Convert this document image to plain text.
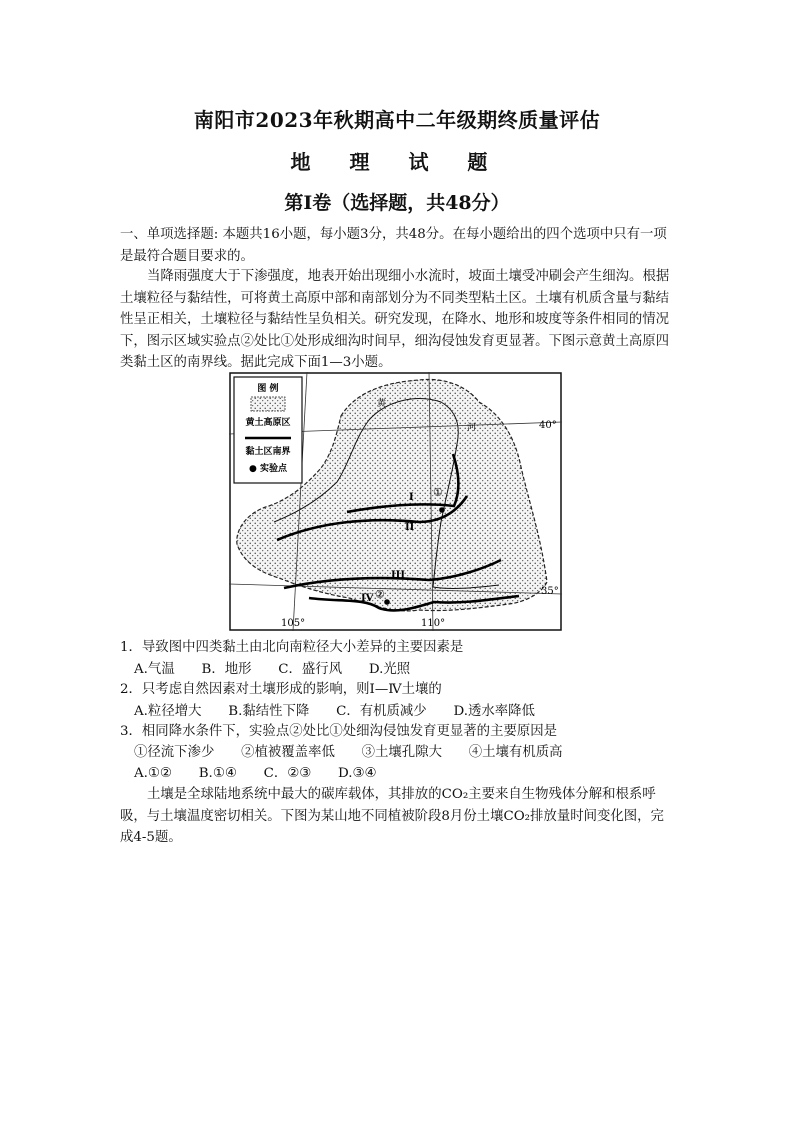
南阳市2023年秋期高中二年级期终质量评估
地 理 试 题
第I卷（选择题，共48分）
一、单项选择题: 本题共16小题，每小题3分，共48分。在每小题给出的四个选项中只有一项是最符合题目要求的。
当降雨强度大于下渗强度，地表开始出现细小水流时，坡面土壤受冲刷会产生细沟。根据土壤粒径与黏结性，可将黄土高原中部和南部划分为不同类型粘土区。土壤有机质含量与黏结性呈正相关，土壤粒径与黏结性呈负相关。研究发现，在降水、地形和坡度等条件相同的情况下，图示区域实验点②处比①处形成细沟时间早，细沟侵蚀发育更显著。下图示意黄土高原四类黏土区的南界线。据此完成下面1—3小题。
图 例
黄土高原区
黏土区南界
● 实验点
黄
河	40°
35°
105°	110°
I
II
III
IV
①
②
1．导致图中四类黏土由北向南粒径大小差异的主要因素是
A.气温　　B．地形　　C．盛行风　　D.光照
2．只考虑自然因素对土壤形成的影响，则Ⅰ—Ⅳ土壤的
A.粒径增大　　B.黏结性下降　　C．有机质减少　　D.透水率降低
3．相同降水条件下，实验点②处比①处细沟侵蚀发育更显著的主要原因是
①径流下渗少　　②植被覆盖率低　　③土壤孔隙大　　④土壤有机质高
A.①②　　B.①④　　C．②③　　D.③④
土壤是全球陆地系统中最大的碳库载体，其排放的CO₂主要来自生物残体分解和根系呼吸，与土壤温度密切相关。下图为某山地不同植被阶段8月份土壤CO₂排放量时间变化图，完成4-5题。
